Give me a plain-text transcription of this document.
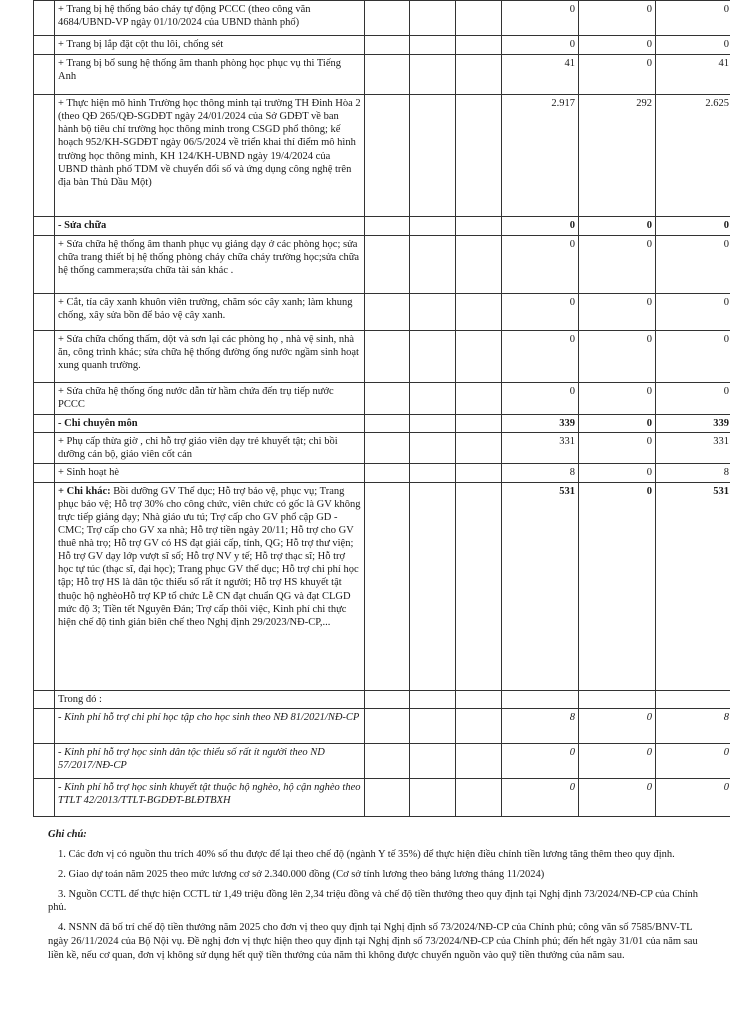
	+ Trang bị hệ thống báo cháy tự động PCCC (theo công văn 4684/UBND-VP ngày 01/10/2024 của UBND thành phố)				0	0	0
	+ Trang bị lắp đặt cột thu lôi, chống sét				0	0	0
	+ Trang bị bổ sung hệ thống âm thanh phòng học phục vụ thi Tiếng Anh				41	0	41
	+ Thực hiện mô hình Trường học thông minh tại trường TH Đinh Hòa 2 (theo QĐ 265/QĐ-SGDĐT ngày 24/01/2024 của Sở GDĐT về ban hành bộ tiêu chí trường học thông minh trong CSGD phổ thông; kế hoạch 952/KH-SGDĐT ngày 06/5/2024 về triển khai thí điểm mô hình trường học thông minh, KH 124/KH-UBND ngày 19/4/2024 của UBND thành phố TDM về chuyển đổi số và ứng dụng công nghệ trên địa bàn Thủ Dầu Một)				2.917	292	2.625
	- Sửa chữa				0	0	0
	+ Sửa chữa hệ thống âm thanh phục vụ giảng dạy ở các phòng học; sửa chữa trang thiết bị hệ thống phòng cháy chữa cháy trường học;sửa chữa hệ thống cammera;sửa chữa tài sản khác .				0	0	0
	+ Cắt, tỉa cây xanh khuôn viên trường, chăm sóc cây xanh; làm khung chống, xây sửa bồn để bảo vệ cây xanh.				0	0	0
	+ Sửa chữa chống thấm, dột và sơn lại các phòng họ , nhà vệ sinh, nhà ăn, công trình khác; sửa chữa hệ thống đường ống nước ngầm sinh hoạt xung quanh trường.				0	0	0
	+ Sửa chữa hệ thống ống nước dẫn từ hầm chứa đến trụ tiếp nước PCCC				0	0	0
	- Chi chuyên môn				339	0	339
	+ Phụ cấp thừa giờ , chi hỗ trợ giáo viên dạy trẻ khuyết tật; chi bồi dưỡng cán bộ, giáo viên cốt cán				331	0	331
	+ Sinh hoạt hè				8	0	8
	+ Chi khác: Bồi dưỡng GV Thể dục; Hỗ trợ bảo vệ, phục vụ; Trang phục bảo vệ; Hỗ trợ 30% cho công chức, viên chức có gốc là GV không trực tiếp giảng dạy; Nhà giáo ưu tú; Trợ cấp cho GV phổ cập GD - CMC; Trợ cấp cho GV xa nhà; Hỗ trợ tiền ngày 20/11; Hỗ trợ cho GV thuê nhà trọ; Hỗ trợ GV có HS đạt giải cấp, tỉnh, QG; Hỗ trợ thư viện; Hỗ trợ GV dạy lớp vượt sĩ số; Hỗ trợ NV y tế; Hỗ trợ thạc sĩ; Hỗ trợ học tự túc (thạc sĩ, đại học); Trang phục GV thể dục; Hỗ trợ chi phí học tập; Hỗ trợ HS là dân tộc thiểu số rất ít người; Hỗ trợ HS khuyết tật thuộc hộ nghèoHỗ trợ KP tổ chức Lễ CN đạt chuẩn QG và đạt CLGD mức độ 3; Tiền tết Nguyên Đán; Trợ cấp thôi việc, Kinh phí chi thực hiện chế độ tinh giản biên chế theo Nghị định 29/2023/NĐ-CP,...				531	0	531
	Trong đó :						
	- Kinh phí hỗ trợ chi phí học tập cho học sinh theo NĐ 81/2021/NĐ-CP				8	0	8
	- Kinh phí hỗ trợ học sinh dân tộc thiểu số rất ít người theo ND 57/2017/NĐ-CP				0	0	0
	- Kinh phí hỗ trợ học sinh khuyết tật thuộc hộ nghèo, hộ cận nghèo theo TTLT 42/2013/TTLT-BGDĐT-BLĐTBXH				0	0	0
Ghi chú:

1. Các đơn vị có nguồn thu trích 40% số thu được để lại theo chế độ (ngành Y tế 35%) để thực hiện điều chỉnh tiền lương tăng thêm theo quy định.

2. Giao dự toán năm 2025 theo mức lương cơ sở 2.340.000 đồng (Cơ sở tính lương theo bảng lương tháng 11/2024)

3. Nguồn CCTL để thực hiện CCTL từ 1,49 triệu đồng lên 2,34 triệu đồng và chế độ tiền thưởng theo quy định tại Nghị định 73/2024/NĐ-CP của Chính phủ.

4. NSNN đã bố trí chế độ tiền thưởng năm 2025 cho đơn vị theo quy định tại Nghị định số 73/2024/NĐ-CP của Chính phủ; công văn số 7585/BNV-TL ngày 26/11/2024 của Bộ Nội vụ. Đề nghị đơn vị thực hiện theo quy định tại Nghị định số 73/2024/NĐ-CP của Chính phủ; đến hết ngày 31/01 của năm sau liền kề, nếu cơ quan, đơn vị không sử dụng hết quỹ tiền thưởng của năm thì không được chuyển nguồn vào quỹ tiền thưởng của năm sau.
